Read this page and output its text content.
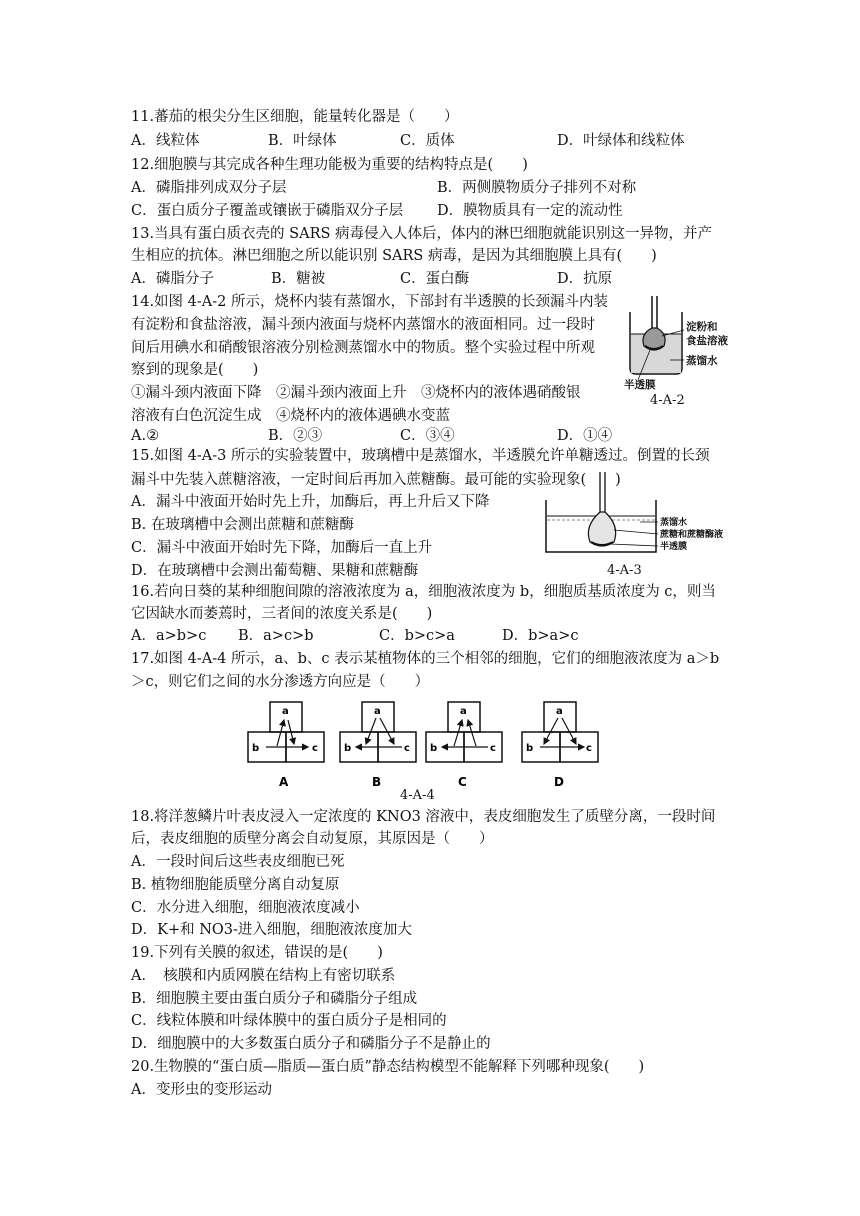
11.蕃茄的根尖分生区细胞，能量转化器是（　　）
A．线粒体	B．叶绿体	C．质体	D．叶绿体和线粒体
12.细胞膜与其完成各种生理功能极为重要的结构特点是(　　)
A．磷脂排列成双分子层	B．两侧膜物质分子排列不对称
C．蛋白质分子覆盖或镶嵌于磷脂双分子层 D．膜物质具有一定的流动性
13.当具有蛋白质衣壳的 SARS 病毒侵入人体后，体内的淋巴细胞就能识别这一异物，并产
生相应的抗体。淋巴细胞之所以能识别 SARS 病毒，是因为其细胞膜上具有(　　)
A．磷脂分子	B．糖被	C．蛋白酶	D．抗原
14.如图 4-A-2 所示，烧杯内装有蒸馏水，下部封有半透膜的长颈漏斗内装
有淀粉和食盐溶液，漏斗颈内液面与烧杯内蒸馏水的液面相同。过一段时
间后用碘水和硝酸银溶液分别检测蒸馏水中的物质。整个实验过程中所观
察到的现象是(　　)
①漏斗颈内液面下降　②漏斗颈内液面上升　③烧杯内的液体遇硝酸银
溶液有白色沉淀生成　④烧杯内的液体遇碘水变蓝
A.②	B．②③	C．③④	D．①④
淀粉和
食盐溶液
蒸馏水
半透膜
4-A-2
15.如图 4-A-3 所示的实验装置中，玻璃槽中是蒸馏水，半透膜允许单糖透过。倒置的长颈
漏斗中先装入蔗糖溶液，一定时间后再加入蔗糖酶。最可能的实验现象(　　)
A．漏斗中液面开始时先上升，加酶后，再上升后又下降
B. 在玻璃槽中会测出蔗糖和蔗糖酶
C．漏斗中液面开始时先下降，加酶后一直上升
D．在玻璃槽中会测出葡萄糖、果糖和蔗糖酶
蒸馏水
蔗糖和蔗糖酶液
半透膜
4-A-3
16.若向日葵的某种细胞间隙的溶液浓度为 a，细胞液浓度为 b，细胞质基质浓度为 c，则当
它因缺水而萎蔫时，三者间的浓度关系是(　　)
A．a>b>c B．a>c>b	C．b>c>a	D．b>a>c
17.如图 4-A-4 所示，a、b、c 表示某植物体的三个相邻的细胞，它们的细胞液浓度为 a＞b
＞c，则它们之间的水分渗透方向应是（　　）
a
b	c
a
b	c
a
b	c
a
b	c
A	B	C	D
4-A-4
18.将洋葱鳞片叶表皮浸入一定浓度的 KNO3 溶液中，表皮细胞发生了质壁分离，一段时间
后，表皮细胞的质壁分离会自动复原，其原因是（　　）
A．一段时间后这些表皮细胞已死
B. 植物细胞能质壁分离自动复原
C．水分进入细胞，细胞液浓度减小
D．K+和 NO3-进入细胞，细胞液浓度加大
19.下列有关膜的叙述，错误的是(　　)
A．　核膜和内质网膜在结构上有密切联系
B．细胞膜主要由蛋白质分子和磷脂分子组成
C．线粒体膜和叶绿体膜中的蛋白质分子是相同的
D．细胞膜中的大多数蛋白质分子和磷脂分子不是静止的
20.生物膜的“蛋白质—脂质—蛋白质”静态结构模型不能解释下列哪种现象(　　)
A．变形虫的变形运动
